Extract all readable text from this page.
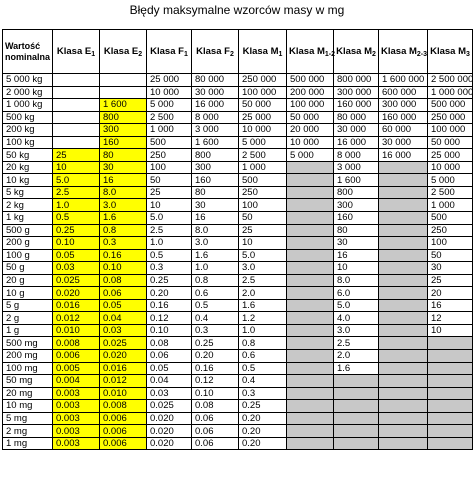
Błędy maksymalne wzorców masy w mg
Wartość
nominalna	Klasa $E_1$	Klasa $E_2$	Klasa $F_1$	Klasa $F_2$	Klasa $M_1$	Klasa $M_{1-2}$	Klasa $M_2$	Klasa $M_{2-3}$	Klasa $M_3$
5 000 kg			25 000	80 000	250 000	500 000	800 000	1 600 000	2 500 000
2 000 kg			10 000	30 000	100 000	200 000	300 000	600 000	1 000 000
1 000 kg		1 600	5 000	16 000	50 000	100 000	160 000	300 000	500 000
500 kg		800	2 500	8 000	25 000	50 000	80 000	160 000	250 000
200 kg		300	1 000	3 000	10 000	20 000	30 000	60 000	100 000
100 kg		160	500	1 600	5 000	10 000	16 000	30 000	50 000
50 kg	25	80	250	800	2 500	5 000	8 000	16 000	25 000
20 kg	10	30	100	300	1 000		3 000		10 000
10 kg	5.0	16	50	160	500		1 600		5 000
5 kg	2.5	8.0	25	80	250		800		2 500
2 kg	1.0	3.0	10	30	100		300		1 000
1 kg	0.5	1.6	5.0	16	50		160		500
500 g	0.25	0.8	2.5	8.0	25		80		250
200 g	0.10	0.3	1.0	3.0	10		30		100
100 g	0.05	0.16	0.5	1.6	5.0		16		50
50 g	0.03	0.10	0.3	1.0	3.0		10		30
20 g	0.025	0.08	0.25	0.8	2.5		8.0		25
10 g	0.020	0.06	0.20	0.6	2.0		6.0		20
5 g	0.016	0.05	0.16	0.5	1.6		5.0		16
2 g	0.012	0.04	0.12	0.4	1.2		4.0		12
1 g	0.010	0.03	0.10	0.3	1.0		3.0		10
500 mg	0.008	0.025	0.08	0.25	0.8		2.5		
200 mg	0.006	0.020	0.06	0.20	0.6		2.0		
100 mg	0.005	0.016	0.05	0.16	0.5		1.6		
50 mg	0.004	0.012	0.04	0.12	0.4				
20 mg	0.003	0.010	0.03	0.10	0.3				
10 mg	0.003	0.008	0.025	0.08	0.25				
5 mg	0.003	0.006	0.020	0.06	0.20				
2 mg	0.003	0.006	0.020	0.06	0.20				
1 mg	0.003	0.006	0.020	0.06	0.20				
